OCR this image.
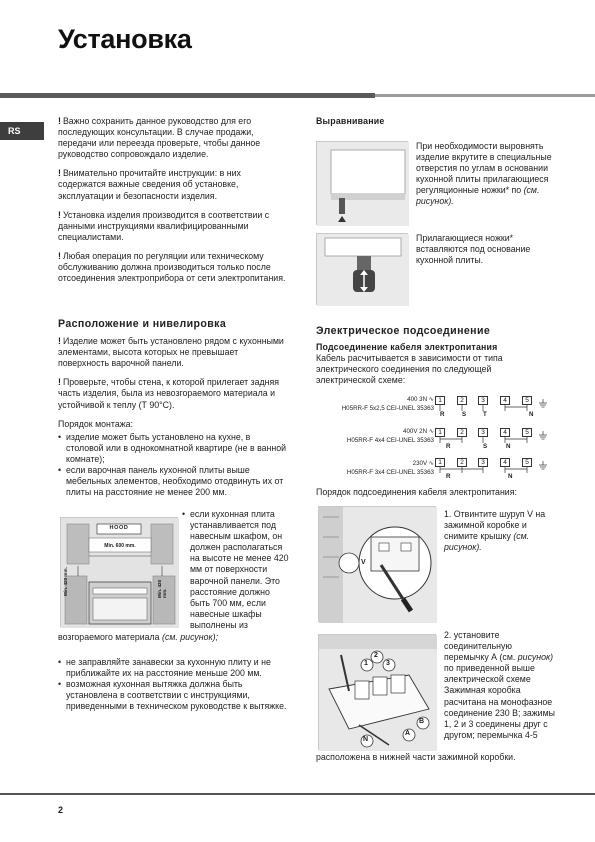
Установка
RS
! Важно сохранить данное руководство для его последующих консультации. В случае продажи, передачи или переезда проверьте, чтобы данное руководство сопровождало изделие.
! Внимательно прочитайте инструкции: в них содержатся важные сведения об установке, эксплуатации и безопасности изделия.
! Установка изделия производится в соответствии с данными инструкциями квалифицированными специалистами.
! Любая операция по регуляции или техническому обслуживанию должна производиться только после отсоединения электроприбора от сети электропитания.
Расположение и нивелировка
! Изделие может быть установлено рядом с кухонными элементами, высота которых не превышает поверхность варочной панели.
! Проверьте, чтобы стена, к которой прилегает задняя часть изделия, была из невозгораемого материала и устойчивой к теплу (Т 90°С).
Порядок монтажа:
• изделие может быть установлено на кухне, в столовой или в однокомнатной квартире (не в ванной комнате);
• если варочная панель кухонной плиты выше мебельных элементов, необходимо отодвинуть их от плиты на расстояние не менее 200 мм.
HOOD
Min. 600 mm.
Min. 420 mm.	Min. 420 mm.
• если кухонная плита устанавливается под навесным шкафом, он должен располагаться на высоте не менее 420 мм от поверхности варочной панели. Это расстояние должно быть 700 мм, если навесные шкафы выполнены из
возгораемого материала (см. рисунок);
• не заправляйте занавески за кухонную плиту и не приближайте их на расстояние меньше 200 мм.
• возможная кухонная вытяжка должна быть установлена в соответствии с инструкциями, приведенными в техническом руководстве к вытяжке.
Выравнивание
При необходимости выровнять изделие вкрутите в специальные отверстия по углам в основании кухонной плиты прилагающиеся регуляционные ножки* по (см. рисунок).
Прилагающиеся ножки* вставляются под основание кухонной плиты.
Электрическое подсоединение
Подсоединение кабеля электропитания
Кабель расчитывается в зависимости от типа электрического соединения по следующей электрической схеме:
400 3N ∿
H05RR-F 5x2,5 CEI-UNEL 35363
400V 2N ∿
H05RR-F 4x4 CEI-UNEL 35363
230V ∿
H05RR-F 3x4 CEI-UNEL 35363
1	2	3	4	5
R	S	T	N
1	2	3	4	5
R	S	N
1	2	3	4	5
R	N
Порядок подсоединения кабеля электропитания:
V
1. Отвинтите шуруп V на зажимной коробке и снимите крышку (см. рисунок).
1
2
3
B
A
N
2. установите соединительную перемычку А (см. рисунок) по приведенной выше электрической схеме Зажимная коробка расчитана на монофазное соединение 230 В; зажимы 1, 2 и 3 соединены друг с другом; перемычка 4-5
расположена в нижней части зажимной коробки.
2
